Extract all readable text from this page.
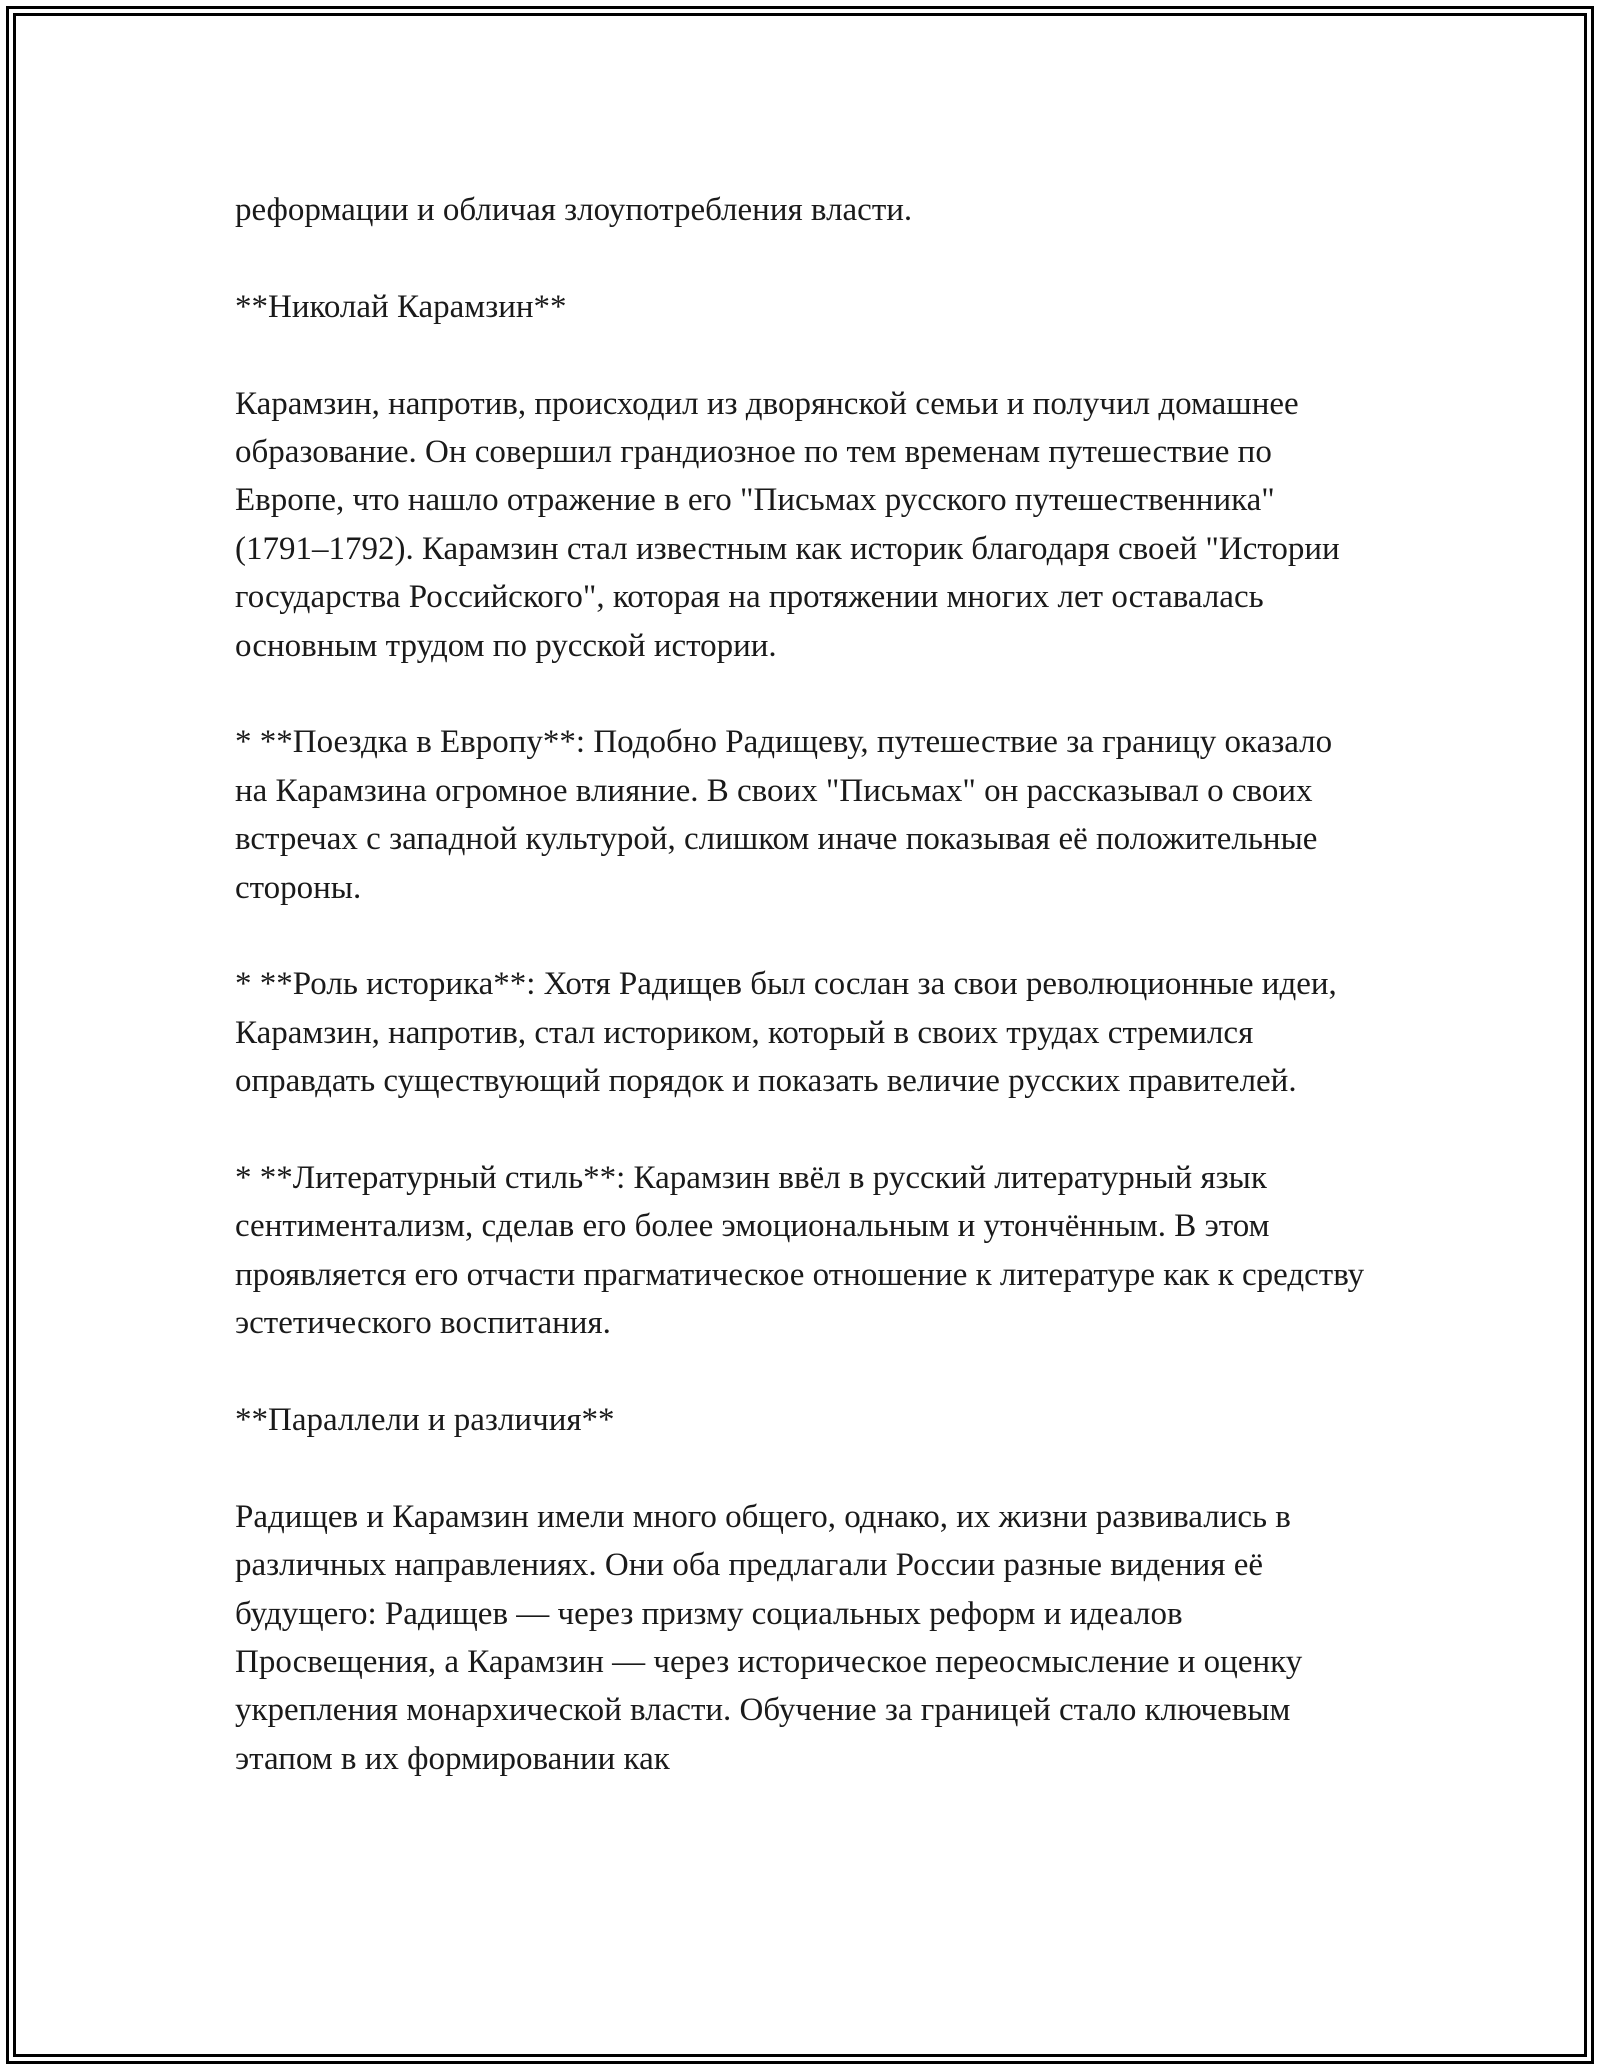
реформации и обличая злоупотребления власти.

**Николай Карамзин**

Карамзин, напротив, происходил из дворянской семьи и получил домашнее образование. Он совершил грандиозное по тем временам путешествие по Европе, что нашло отражение в его "Письмах русского путешественника" (1791–1792). Карамзин стал известным как историк благодаря своей "Истории государства Российского", которая на протяжении многих лет оставалась основным трудом по русской истории.

* **Поездка в Европу**: Подобно Радищеву, путешествие за границу оказало на Карамзина огромное влияние. В своих "Письмах" он рассказывал о своих встречах с западной культурой, слишком иначе показывая её положительные стороны.

* **Роль историка**: Хотя Радищев был сослан за свои революционные идеи, Карамзин, напротив, стал историком, который в своих трудах стремился оправдать существующий порядок и показать величие русских правителей.

* **Литературный стиль**: Карамзин ввёл в русский литературный язык сентиментализм, сделав его более эмоциональным и утончённым. В этом проявляется его отчасти прагматическое отношение к литературе как к средству эстетического воспитания.

**Параллели и различия**

Радищев и Карамзин имели много общего, однако, их жизни развивались в различных направлениях. Они оба предлагали России разные видения её будущего: Радищев — через призму социальных реформ и идеалов Просвещения, а Карамзин — через историческое переосмысление и оценку укрепления монархической власти. Обучение за границей стало ключевым этапом в их формировании как
